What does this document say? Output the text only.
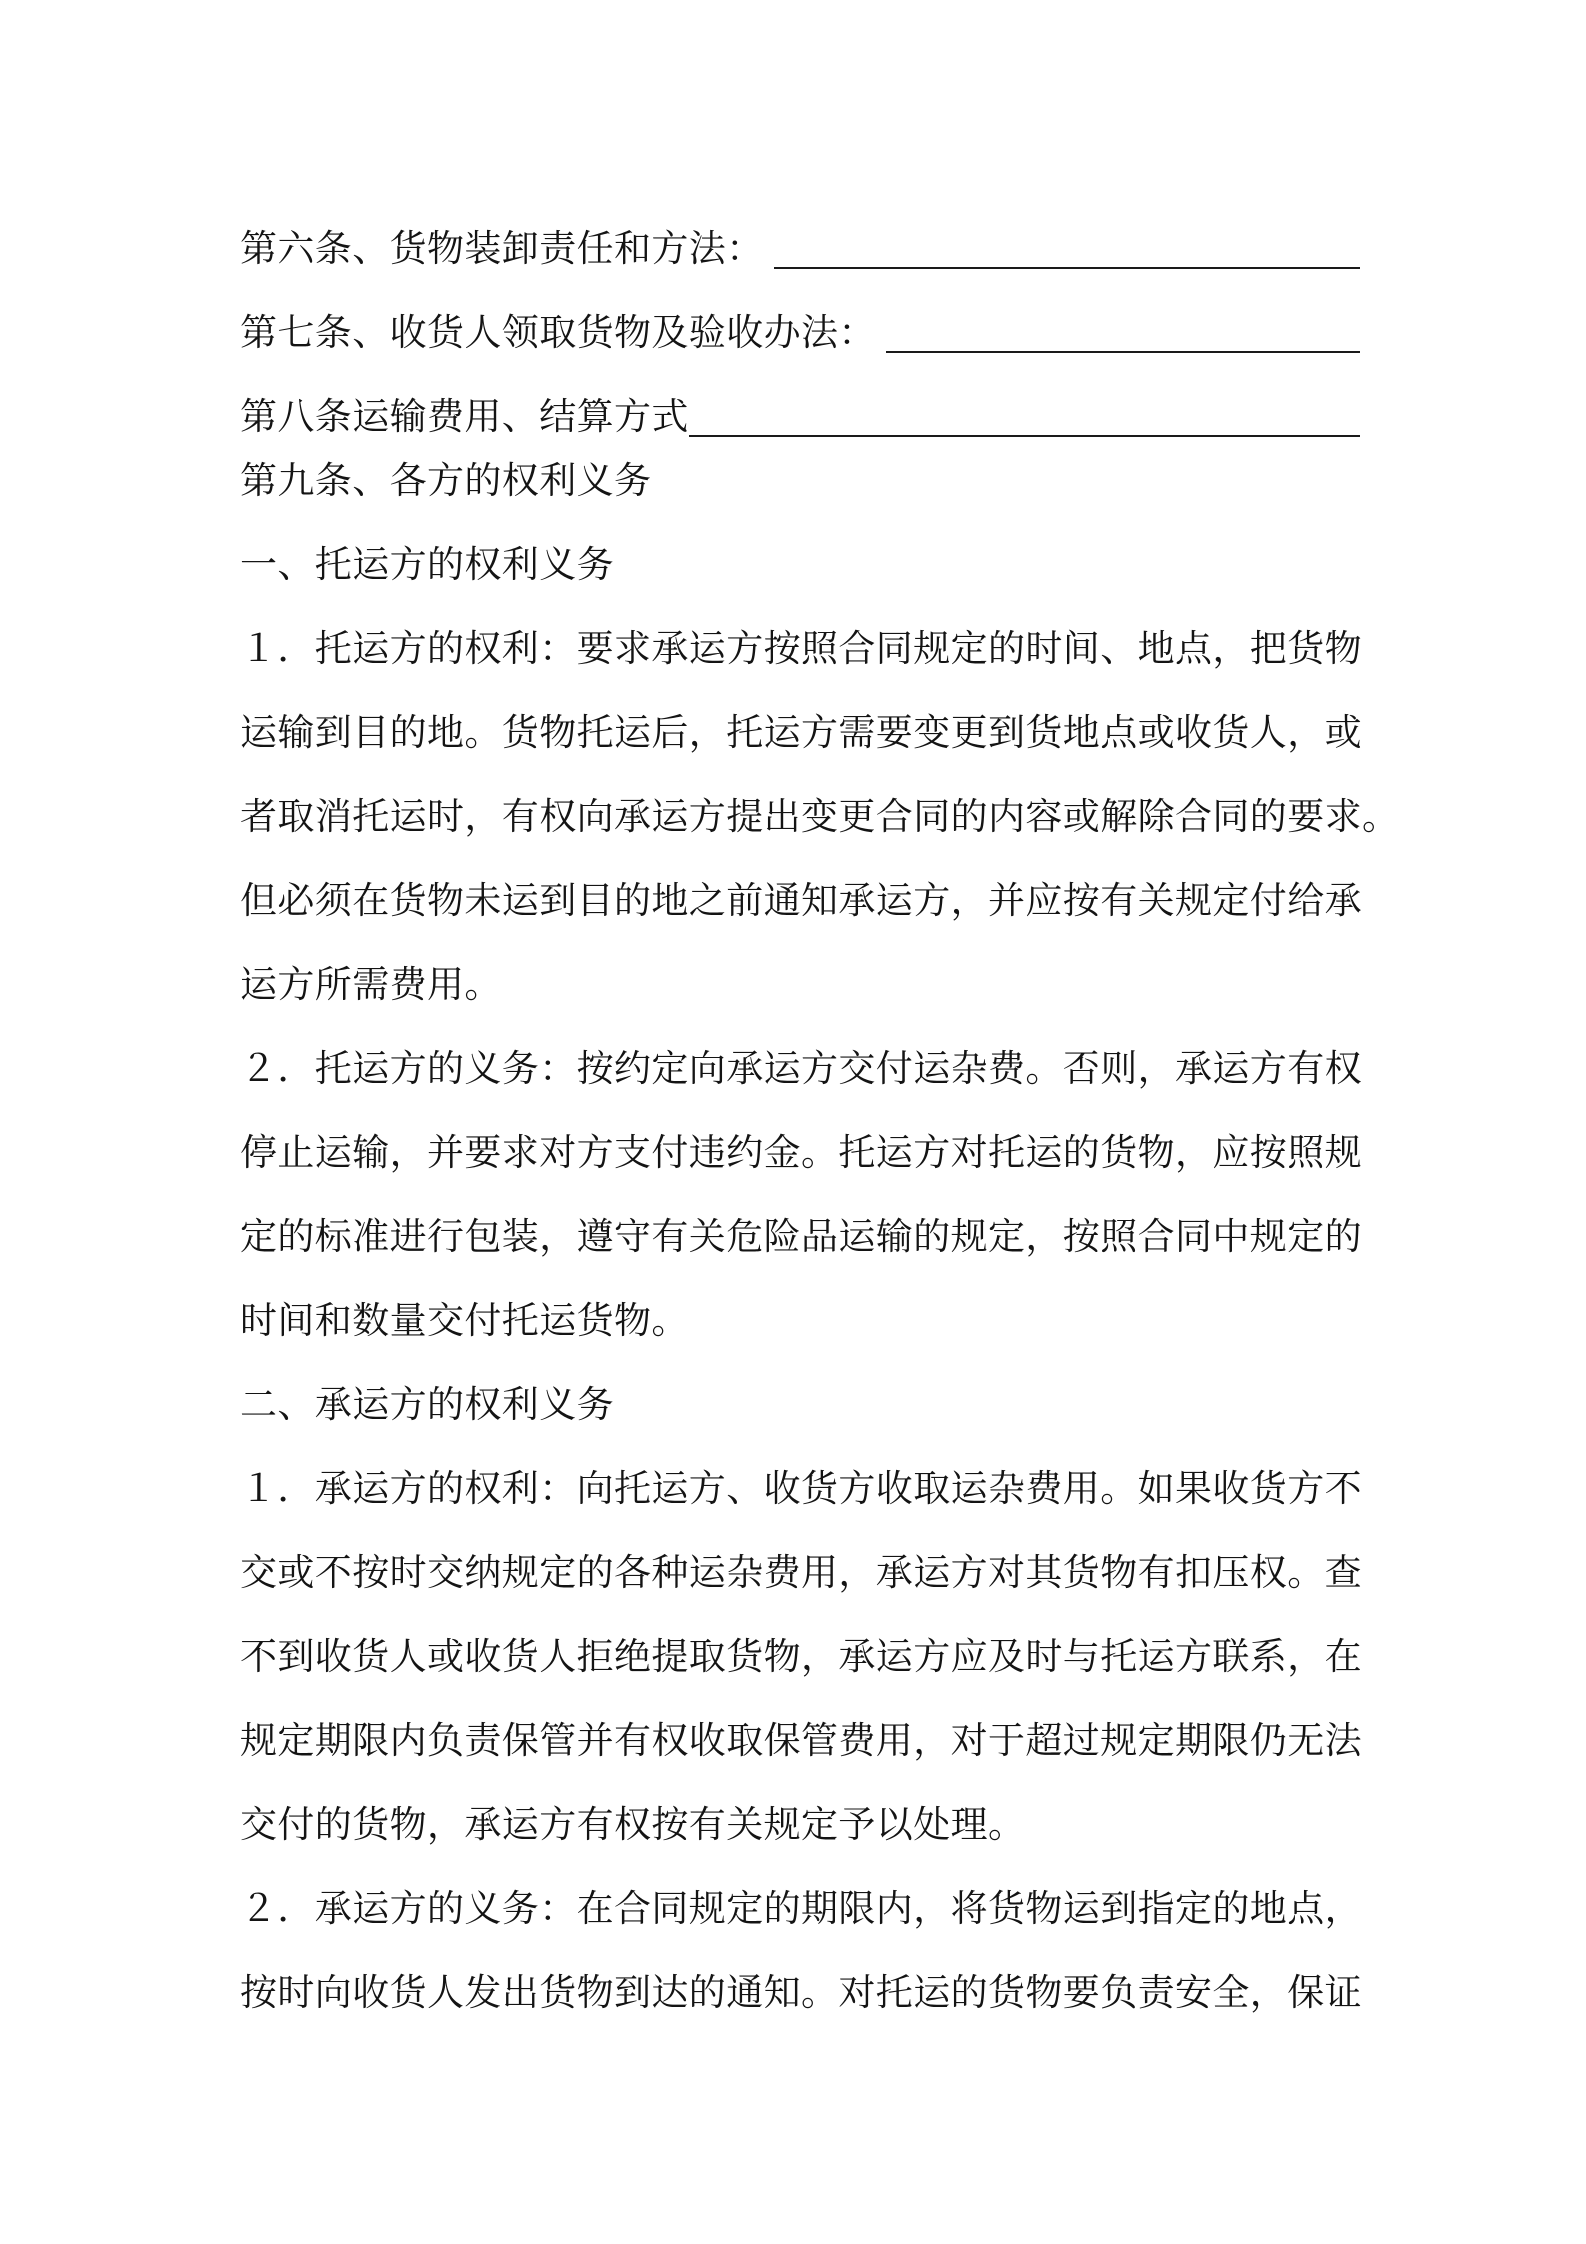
第六条、货物装卸责任和方法：
第七条、收货人领取货物及验收办法：
第八条运输费用、结算方式
第九条、各方的权利义务
一、托运方的权利义务
１．托运方的权利：要求承运方按照合同规定的时间、地点，把货物
运输到目的地。货物托运后，托运方需要变更到货地点或收货人，或
者取消托运时，有权向承运方提出变更合同的内容或解除合同的要求。
但必须在货物未运到目的地之前通知承运方，并应按有关规定付给承
运方所需费用。
２．托运方的义务：按约定向承运方交付运杂费。否则，承运方有权
停止运输，并要求对方支付违约金。托运方对托运的货物，应按照规
定的标准进行包装，遵守有关危险品运输的规定，按照合同中规定的
时间和数量交付托运货物。
二、承运方的权利义务
１．承运方的权利：向托运方、收货方收取运杂费用。如果收货方不
交或不按时交纳规定的各种运杂费用，承运方对其货物有扣压权。查
不到收货人或收货人拒绝提取货物，承运方应及时与托运方联系，在
规定期限内负责保管并有权收取保管费用，对于超过规定期限仍无法
交付的货物，承运方有权按有关规定予以处理。
２．承运方的义务：在合同规定的期限内，将货物运到指定的地点，
按时向收货人发出货物到达的通知。对托运的货物要负责安全，保证
